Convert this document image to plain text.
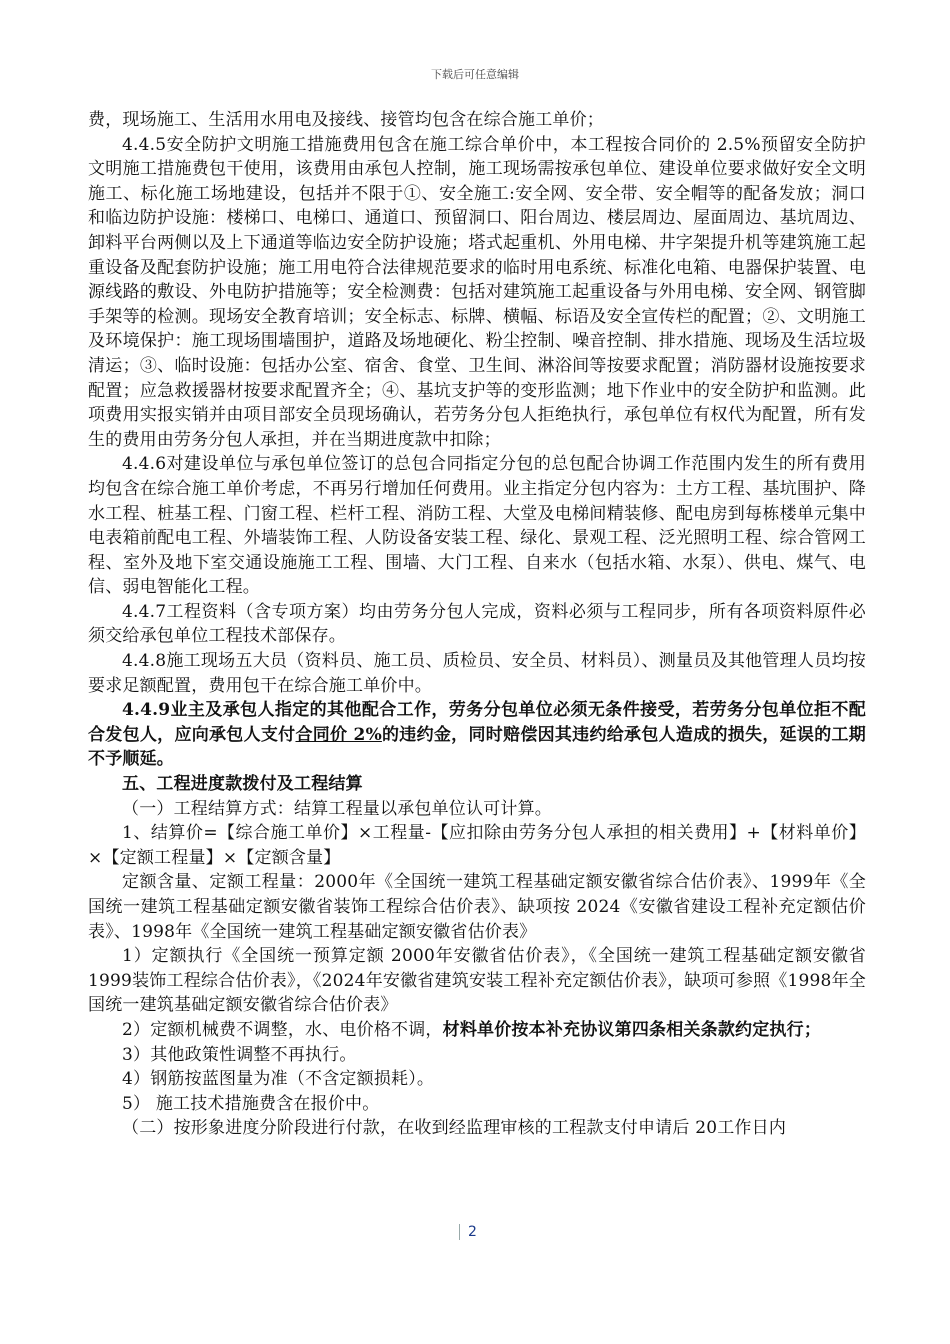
下载后可任意编辑

费，现场施工、生活用水用电及接线、接管均包含在综合施工单价；

4.4.5安全防护文明施工措施费用包含在施工综合单价中，本工程按合同价的 2.5%预留安全防护文明施工措施费包干使用，该费用由承包人控制，施工现场需按承包单位、建设单位要求做好安全文明施工、标化施工场地建设，包括并不限于①、安全施工:安全网、安全带、安全帽等的配备发放；洞口和临边防护设施：楼梯口、电梯口、通道口、预留洞口、阳台周边、楼层周边、屋面周边、基坑周边、卸料平台两侧以及上下通道等临边安全防护设施；塔式起重机、外用电梯、井字架提升机等建筑施工起重设备及配套防护设施；施工用电符合法律规范要求的临时用电系统、标准化电箱、电器保护装置、电源线路的敷设、外电防护措施等；安全检测费：包括对建筑施工起重设备与外用电梯、安全网、钢管脚手架等的检测。现场安全教育培训；安全标志、标牌、横幅、标语及安全宣传栏的配置；②、文明施工及环境保护：施工现场围墙围护，道路及场地硬化、粉尘控制、噪音控制、排水措施、现场及生活垃圾清运；③、临时设施：包括办公室、宿舍、食堂、卫生间、淋浴间等按要求配置；消防器材设施按要求配置；应急救援器材按要求配置齐全；④、基坑支护等的变形监测；地下作业中的安全防护和监测。此项费用实报实销并由项目部安全员现场确认，若劳务分包人拒绝执行，承包单位有权代为配置，所有发生的费用由劳务分包人承担，并在当期进度款中扣除；

4.4.6对建设单位与承包单位签订的总包合同指定分包的总包配合协调工作范围内发生的所有费用均包含在综合施工单价考虑，不再另行增加任何费用。业主指定分包内容为：土方工程、基坑围护、降水工程、桩基工程、门窗工程、栏杆工程、消防工程、大堂及电梯间精装修、配电房到每栋楼单元集中电表箱前配电工程、外墙装饰工程、人防设备安装工程、绿化、景观工程、泛光照明工程、综合管网工程、室外及地下室交通设施施工工程、围墙、大门工程、自来水（包括水箱、水泵）、供电、煤气、电信、弱电智能化工程。

4.4.7工程资料（含专项方案）均由劳务分包人完成，资料必须与工程同步，所有各项资料原件必须交给承包单位工程技术部保存。

4.4.8施工现场五大员（资料员、施工员、质检员、安全员、材料员）、测量员及其他管理人员均按要求足额配置，费用包干在综合施工单价中。

4.4.9业主及承包人指定的其他配合工作，劳务分包单位必须无条件接受，若劳务分包单位拒不配合发包人，应向承包人支付合同价 2%的违约金，同时赔偿因其违约给承包人造成的损失，延误的工期不予顺延。

五、工程进度款拨付及工程结算

（一）工程结算方式：结算工程量以承包单位认可计算。

1、结算价=【综合施工单价】×工程量-【应扣除由劳务分包人承担的相关费用】+【材料单价】×【定额工程量】×【定额含量】

定额含量、定额工程量：2000年《全国统一建筑工程基础定额安徽省综合估价表》、1999年《全国统一建筑工程基础定额安徽省装饰工程综合估价表》、缺项按 2024《安徽省建设工程补充定额估价表》、1998年《全国统一建筑工程基础定额安徽省估价表》

1）定额执行《全国统一预算定额 2000年安徽省估价表》，《全国统一建筑工程基础定额安徽省 1999装饰工程综合估价表》，《2024年安徽省建筑安装工程补充定额估价表》，缺项可参照《1998年全国统一建筑基础定额安徽省综合估价表》

2）定额机械费不调整，水、电价格不调，材料单价按本补充协议第四条相关条款约定执行；

3）其他政策性调整不再执行。

4）钢筋按蓝图量为准（不含定额损耗）。

5） 施工技术措施费含在报价中。

（二）按形象进度分阶段进行付款，在收到经监理审核的工程款支付申请后 20工作日内

2
